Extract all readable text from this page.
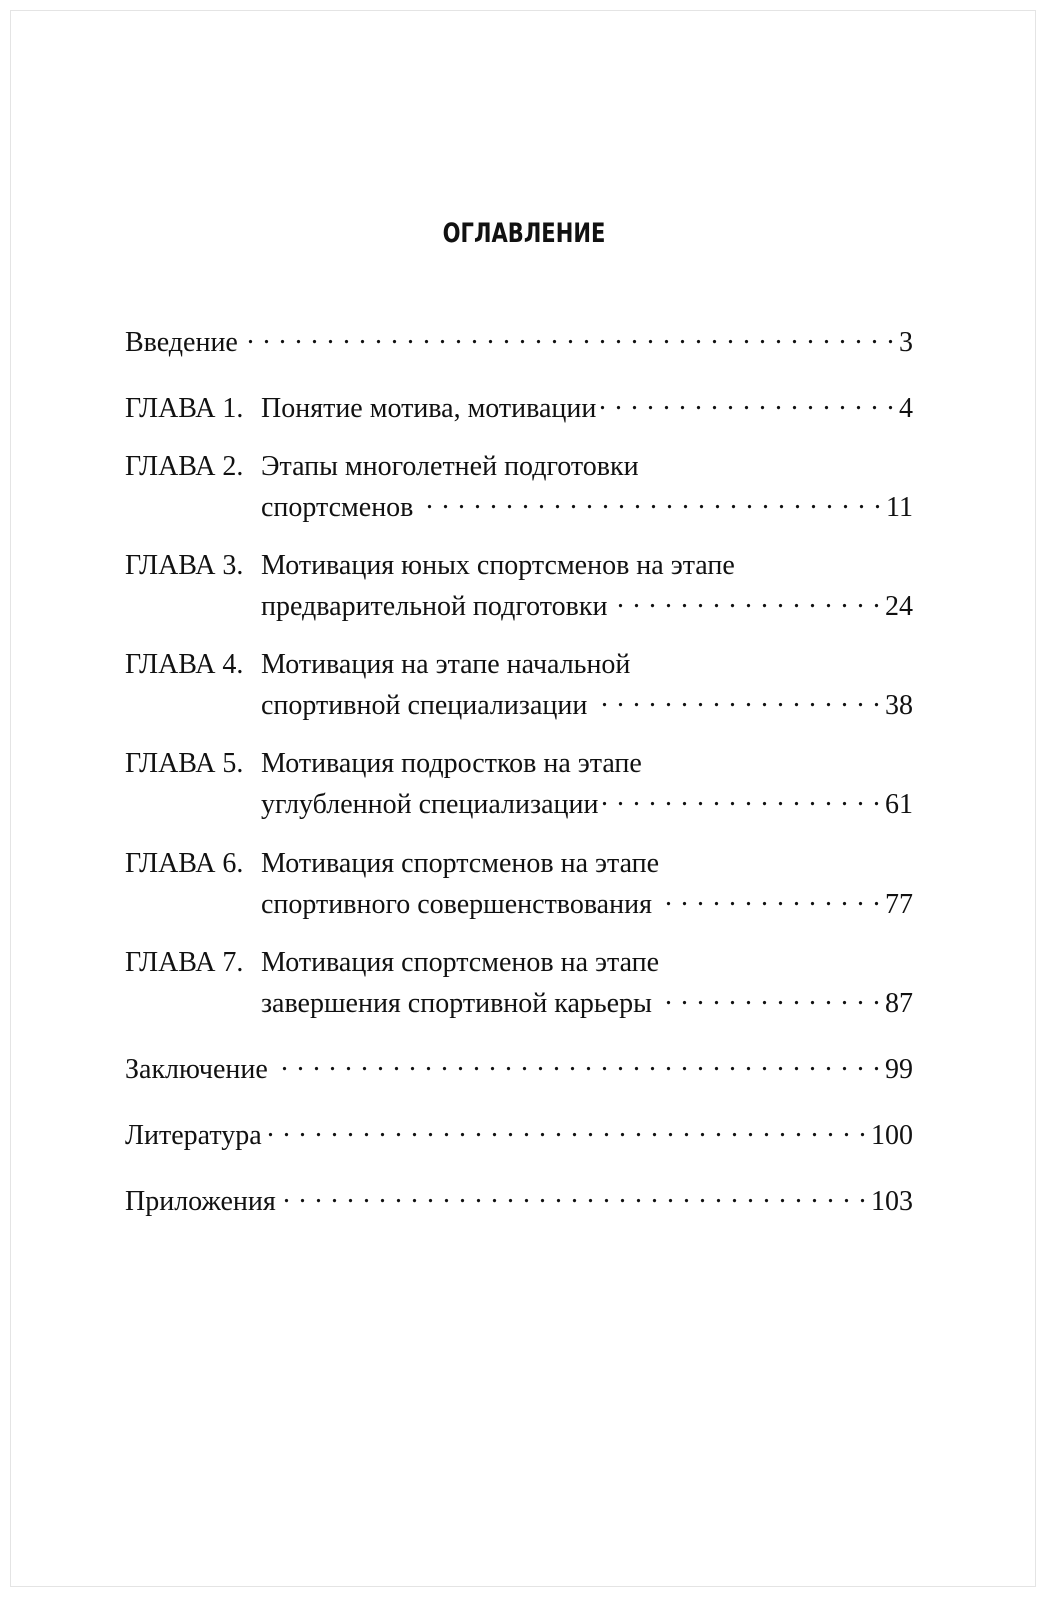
ОГЛАВЛЕНИЕ
Введение . . .	3
ГЛАВА 1. Понятие мотива, мотивации . . .	4
ГЛАВА 2. Этапы многолетней подготовки
спортсменов . . .	11
ГЛАВА 3. Мотивация юных спортсменов на этапе
предварительной подготовки . . .	24
ГЛАВА 4. Мотивация на этапе начальной
спортивной специализации . . .	38
ГЛАВА 5. Мотивация подростков на этапе
углубленной специализации . . .	61
ГЛАВА 6. Мотивация спортсменов на этапе
спортивного совершенствования . . .	77
ГЛАВА 7. Мотивация спортсменов на этапе
завершения спортивной карьеры . . .	87
Заключение . . .	99
Литература . . .	100
Приложения . . .	103
